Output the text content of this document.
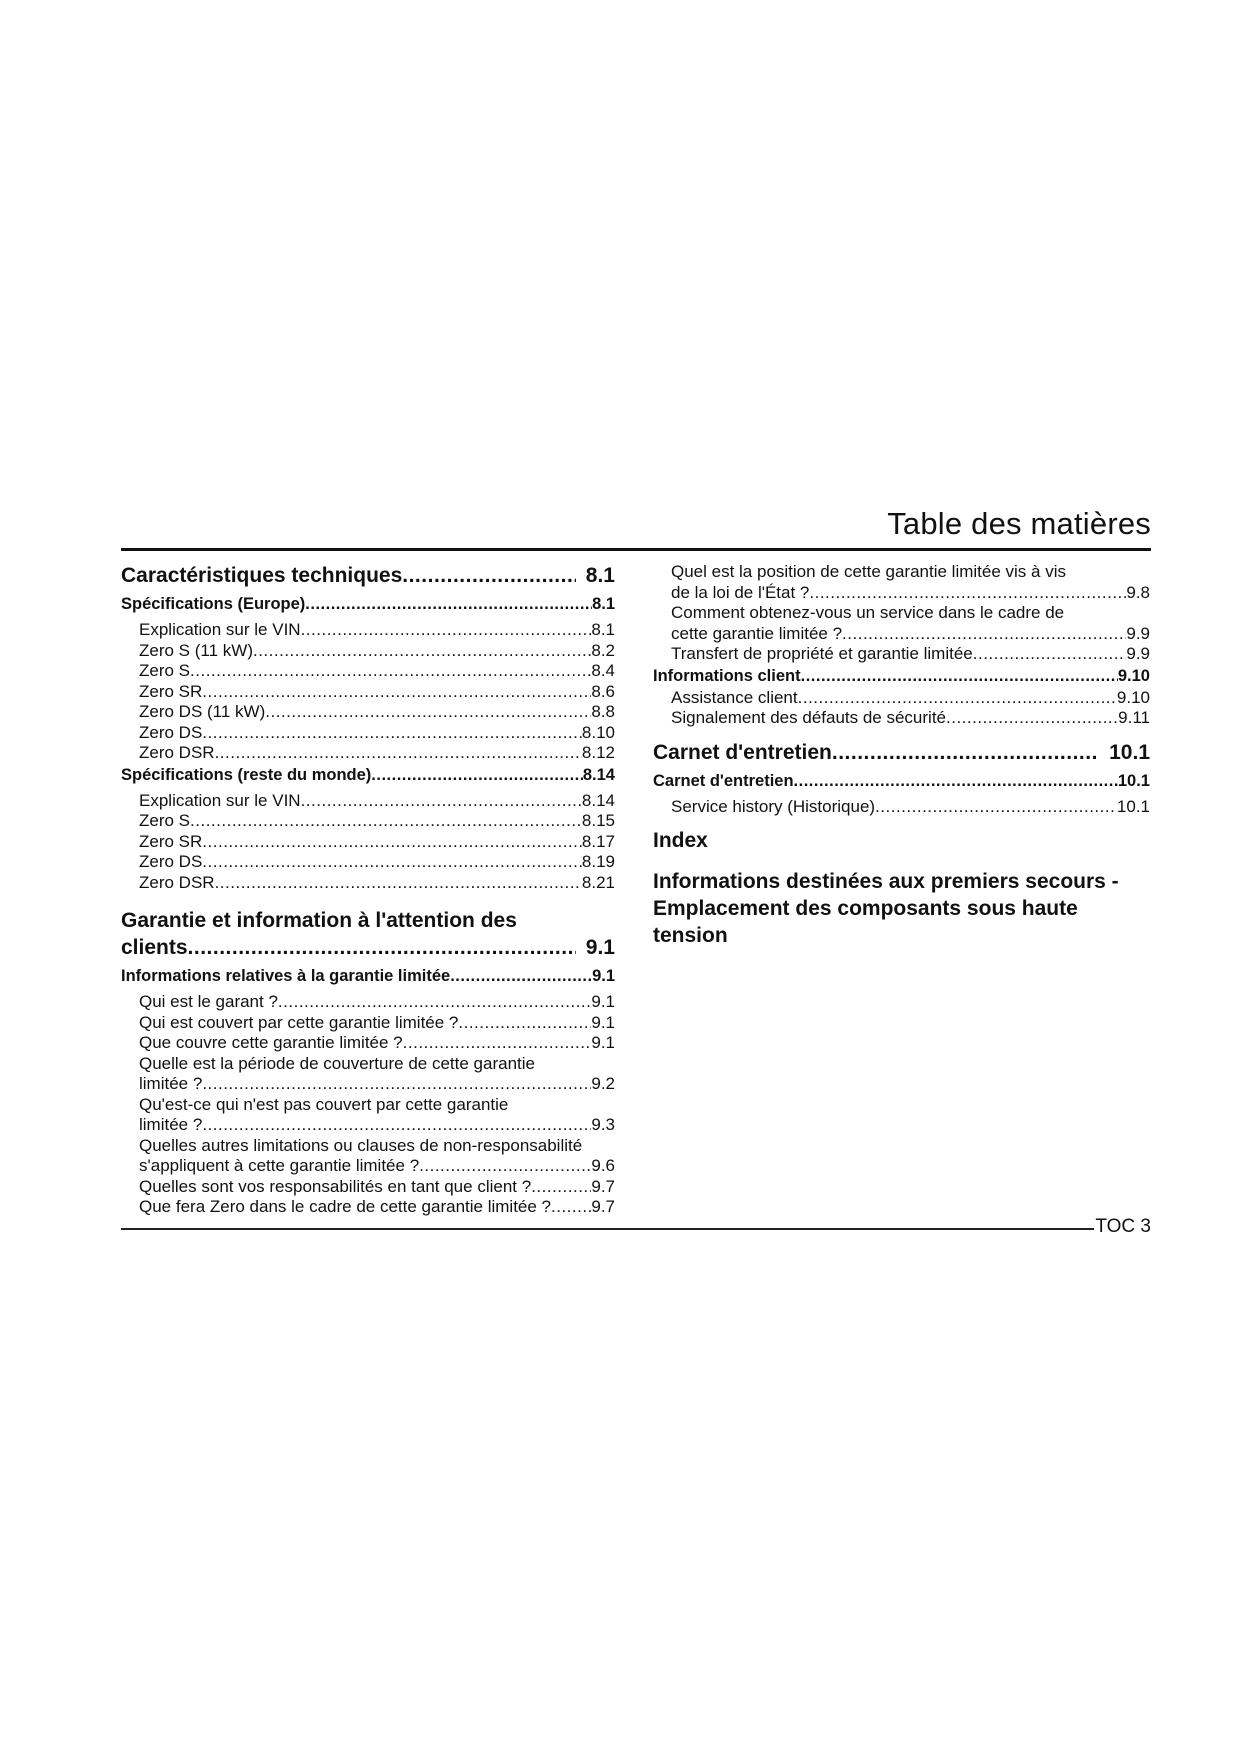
Table des matières
Caractéristiques techniques .....	8.1
Spécifications (Europe) .....	8.1
Explication sur le VIN .....	8.1
Zero S (11 kW) .....	8.2
Zero S .....	8.4
Zero SR .....	8.6
Zero DS (11 kW) .....	8.8
Zero DS .....	8.10
Zero DSR .....	8.12
Spécifications (reste du monde) .....	8.14
Explication sur le VIN .....	8.14
Zero S .....	8.15
Zero SR .....	8.17
Zero DS .....	8.19
Zero DSR .....	8.21
Garantie et information à l'attention des
clients .....	9.1
Informations relatives à la garantie limitée .....	9.1
Qui est le garant ? .....	9.1
Qui est couvert par cette garantie limitée ? .....	9.1
Que couvre cette garantie limitée ? .....	9.1
Quelle est la période de couverture de cette garantie
limitée ? .....	9.2
Qu'est-ce qui n'est pas couvert par cette garantie
limitée ? .....	9.3
Quelles autres limitations ou clauses de non-responsabilité
s'appliquent à cette garantie limitée ? .....	9.6
Quelles sont vos responsabilités en tant que client ? .....	9.7
Que fera Zero dans le cadre de cette garantie limitée ? ..... 9.7
Quel est la position de cette garantie limitée vis à vis
de la loi de l'État ? .....	9.8
Comment obtenez-vous un service dans le cadre de
cette garantie limitée ? .....	9.9
Transfert de propriété et garantie limitée .....	9.9
Informations client .....	9.10
Assistance client .....	9.10
Signalement des défauts de sécurité .....	9.11
Carnet d'entretien .....	10.1
Carnet d'entretien .....	10.1
Service history (Historique) .....	10.1
Index
Informations destinées aux premiers secours -
Emplacement des composants sous haute
tension
TOC 3
